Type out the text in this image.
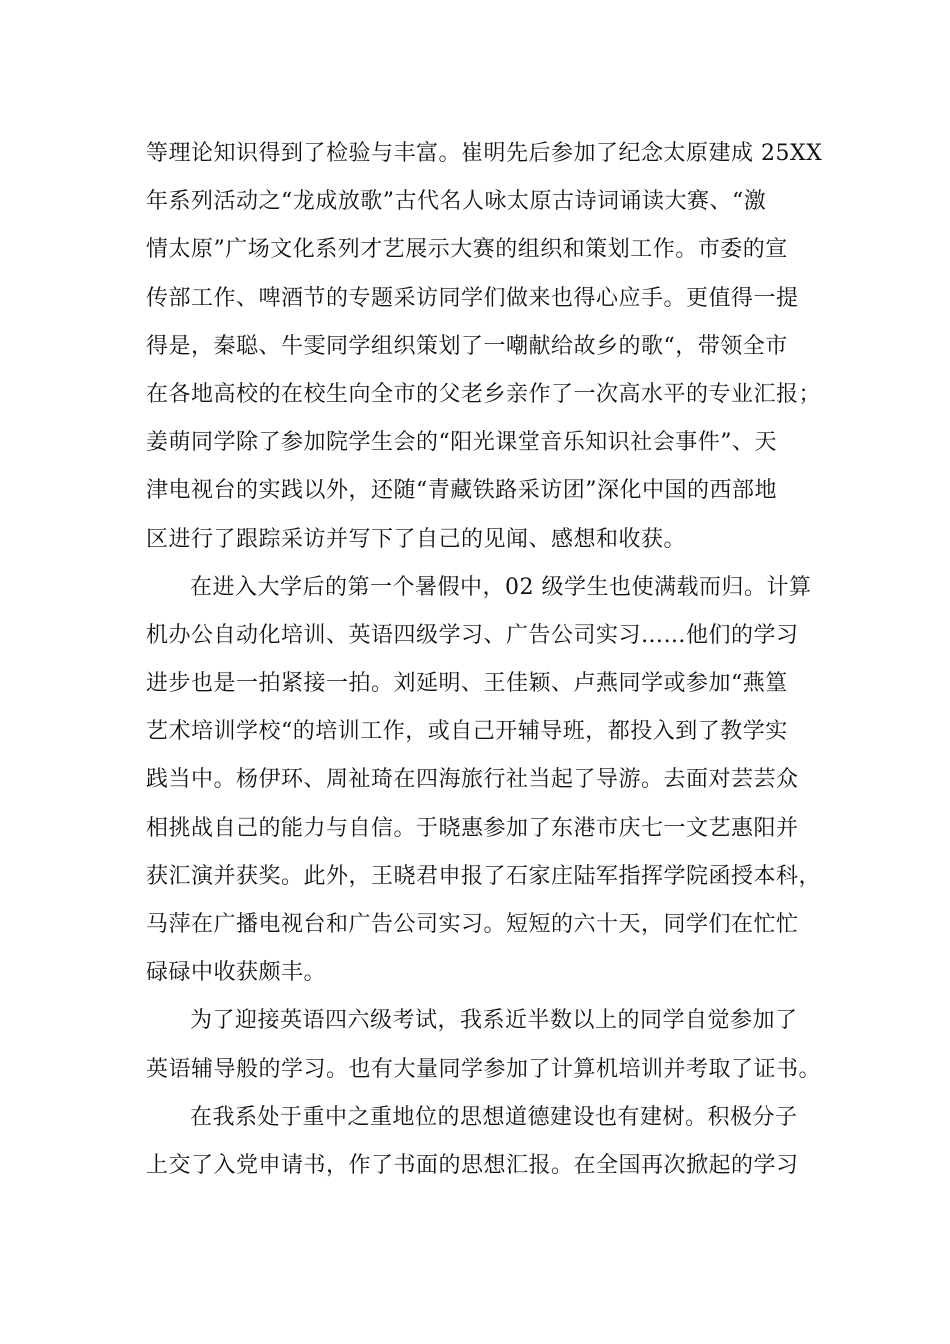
等理论知识得到了检验与丰富。崔明先后参加了纪念太原建成 25XX
年系列活动之“龙成放歌”古代名人咏太原古诗词诵读大赛、“激
情太原”广场文化系列才艺展示大赛的组织和策划工作。市委的宣
传部工作、啤酒节的专题采访同学们做来也得心应手。更值得一提
得是，秦聪、牛雯同学组织策划了一嘲献给故乡的歌“，带领全市
在各地高校的在校生向全市的父老乡亲作了一次高水平的专业汇报；
姜萌同学除了参加院学生会的“阳光课堂音乐知识社会事件”、天
津电视台的实践以外，还随“青藏铁路采访团”深化中国的西部地
区进行了跟踪采访并写下了自己的见闻、感想和收获。
在进入大学后的第一个暑假中，02 级学生也使满载而归。计算
机办公自动化培训、英语四级学习、广告公司实习……他们的学习
进步也是一拍紧接一拍。刘延明、王佳颖、卢燕同学或参加“燕篁
艺术培训学校“的培训工作，或自己开辅导班，都投入到了教学实
践当中。杨伊环、周祉琦在四海旅行社当起了导游。去面对芸芸众
相挑战自己的能力与自信。于晓惠参加了东港市庆七一文艺惠阳并
获汇演并获奖。此外，王晓君申报了石家庄陆军指挥学院函授本科，
马萍在广播电视台和广告公司实习。短短的六十天，同学们在忙忙
碌碌中收获颇丰。
为了迎接英语四六级考试，我系近半数以上的同学自觉参加了
英语辅导般的学习。也有大量同学参加了计算机培训并考取了证书。
在我系处于重中之重地位的思想道德建设也有建树。积极分子
上交了入党申请书，作了书面的思想汇报。在全国再次掀起的学习
